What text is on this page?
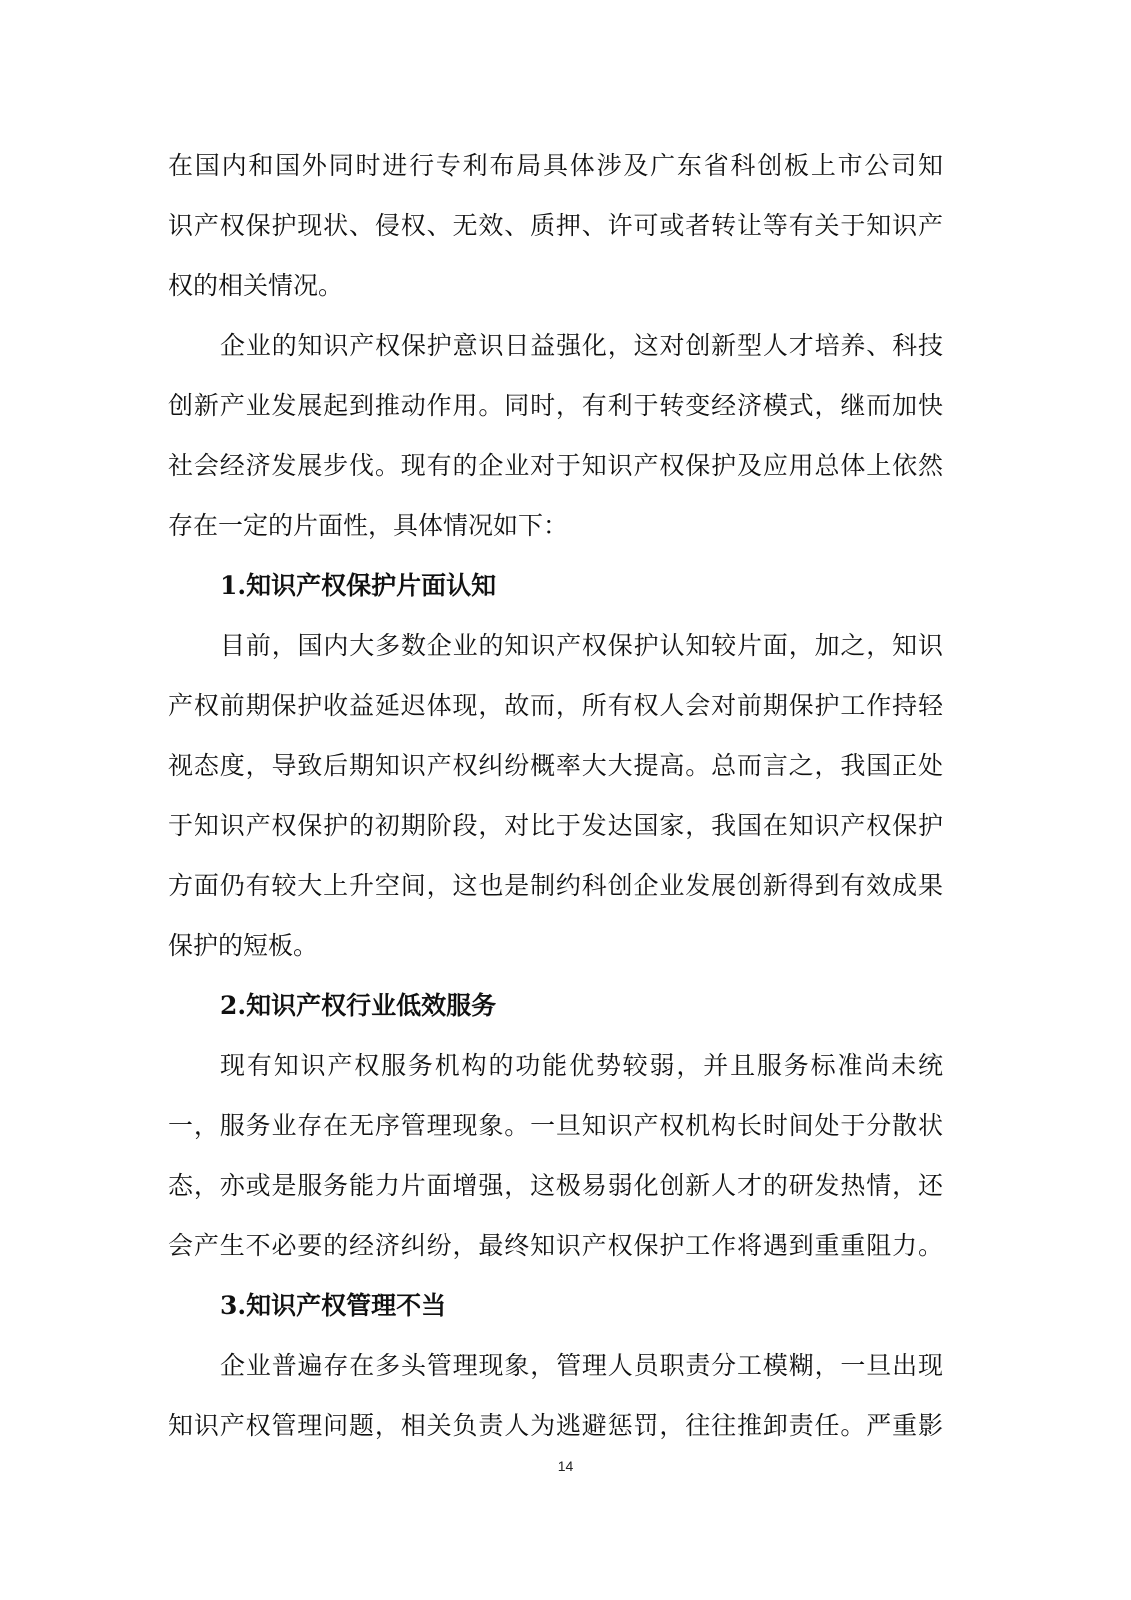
在国内和国外同时进行专利布局具体涉及广东省科创板上市公司知
识产权保护现状、侵权、无效、质押、许可或者转让等有关于知识产
权的相关情况。
企业的知识产权保护意识日益强化，这对创新型人才培养、科技
创新产业发展起到推动作用。同时，有利于转变经济模式，继而加快
社会经济发展步伐。现有的企业对于知识产权保护及应用总体上依然
存在一定的片面性，具体情况如下：
1.知识产权保护片面认知
目前，国内大多数企业的知识产权保护认知较片面，加之，知识
产权前期保护收益延迟体现，故而，所有权人会对前期保护工作持轻
视态度，导致后期知识产权纠纷概率大大提高。总而言之，我国正处
于知识产权保护的初期阶段，对比于发达国家，我国在知识产权保护
方面仍有较大上升空间，这也是制约科创企业发展创新得到有效成果
保护的短板。
2.知识产权行业低效服务
现有知识产权服务机构的功能优势较弱，并且服务标准尚未统
一，服务业存在无序管理现象。一旦知识产权机构长时间处于分散状
态，亦或是服务能力片面增强，这极易弱化创新人才的研发热情，还
会产生不必要的经济纠纷，最终知识产权保护工作将遇到重重阻力。
3.知识产权管理不当
企业普遍存在多头管理现象，管理人员职责分工模糊，一旦出现
知识产权管理问题，相关负责人为逃避惩罚，往往推卸责任。严重影
14
